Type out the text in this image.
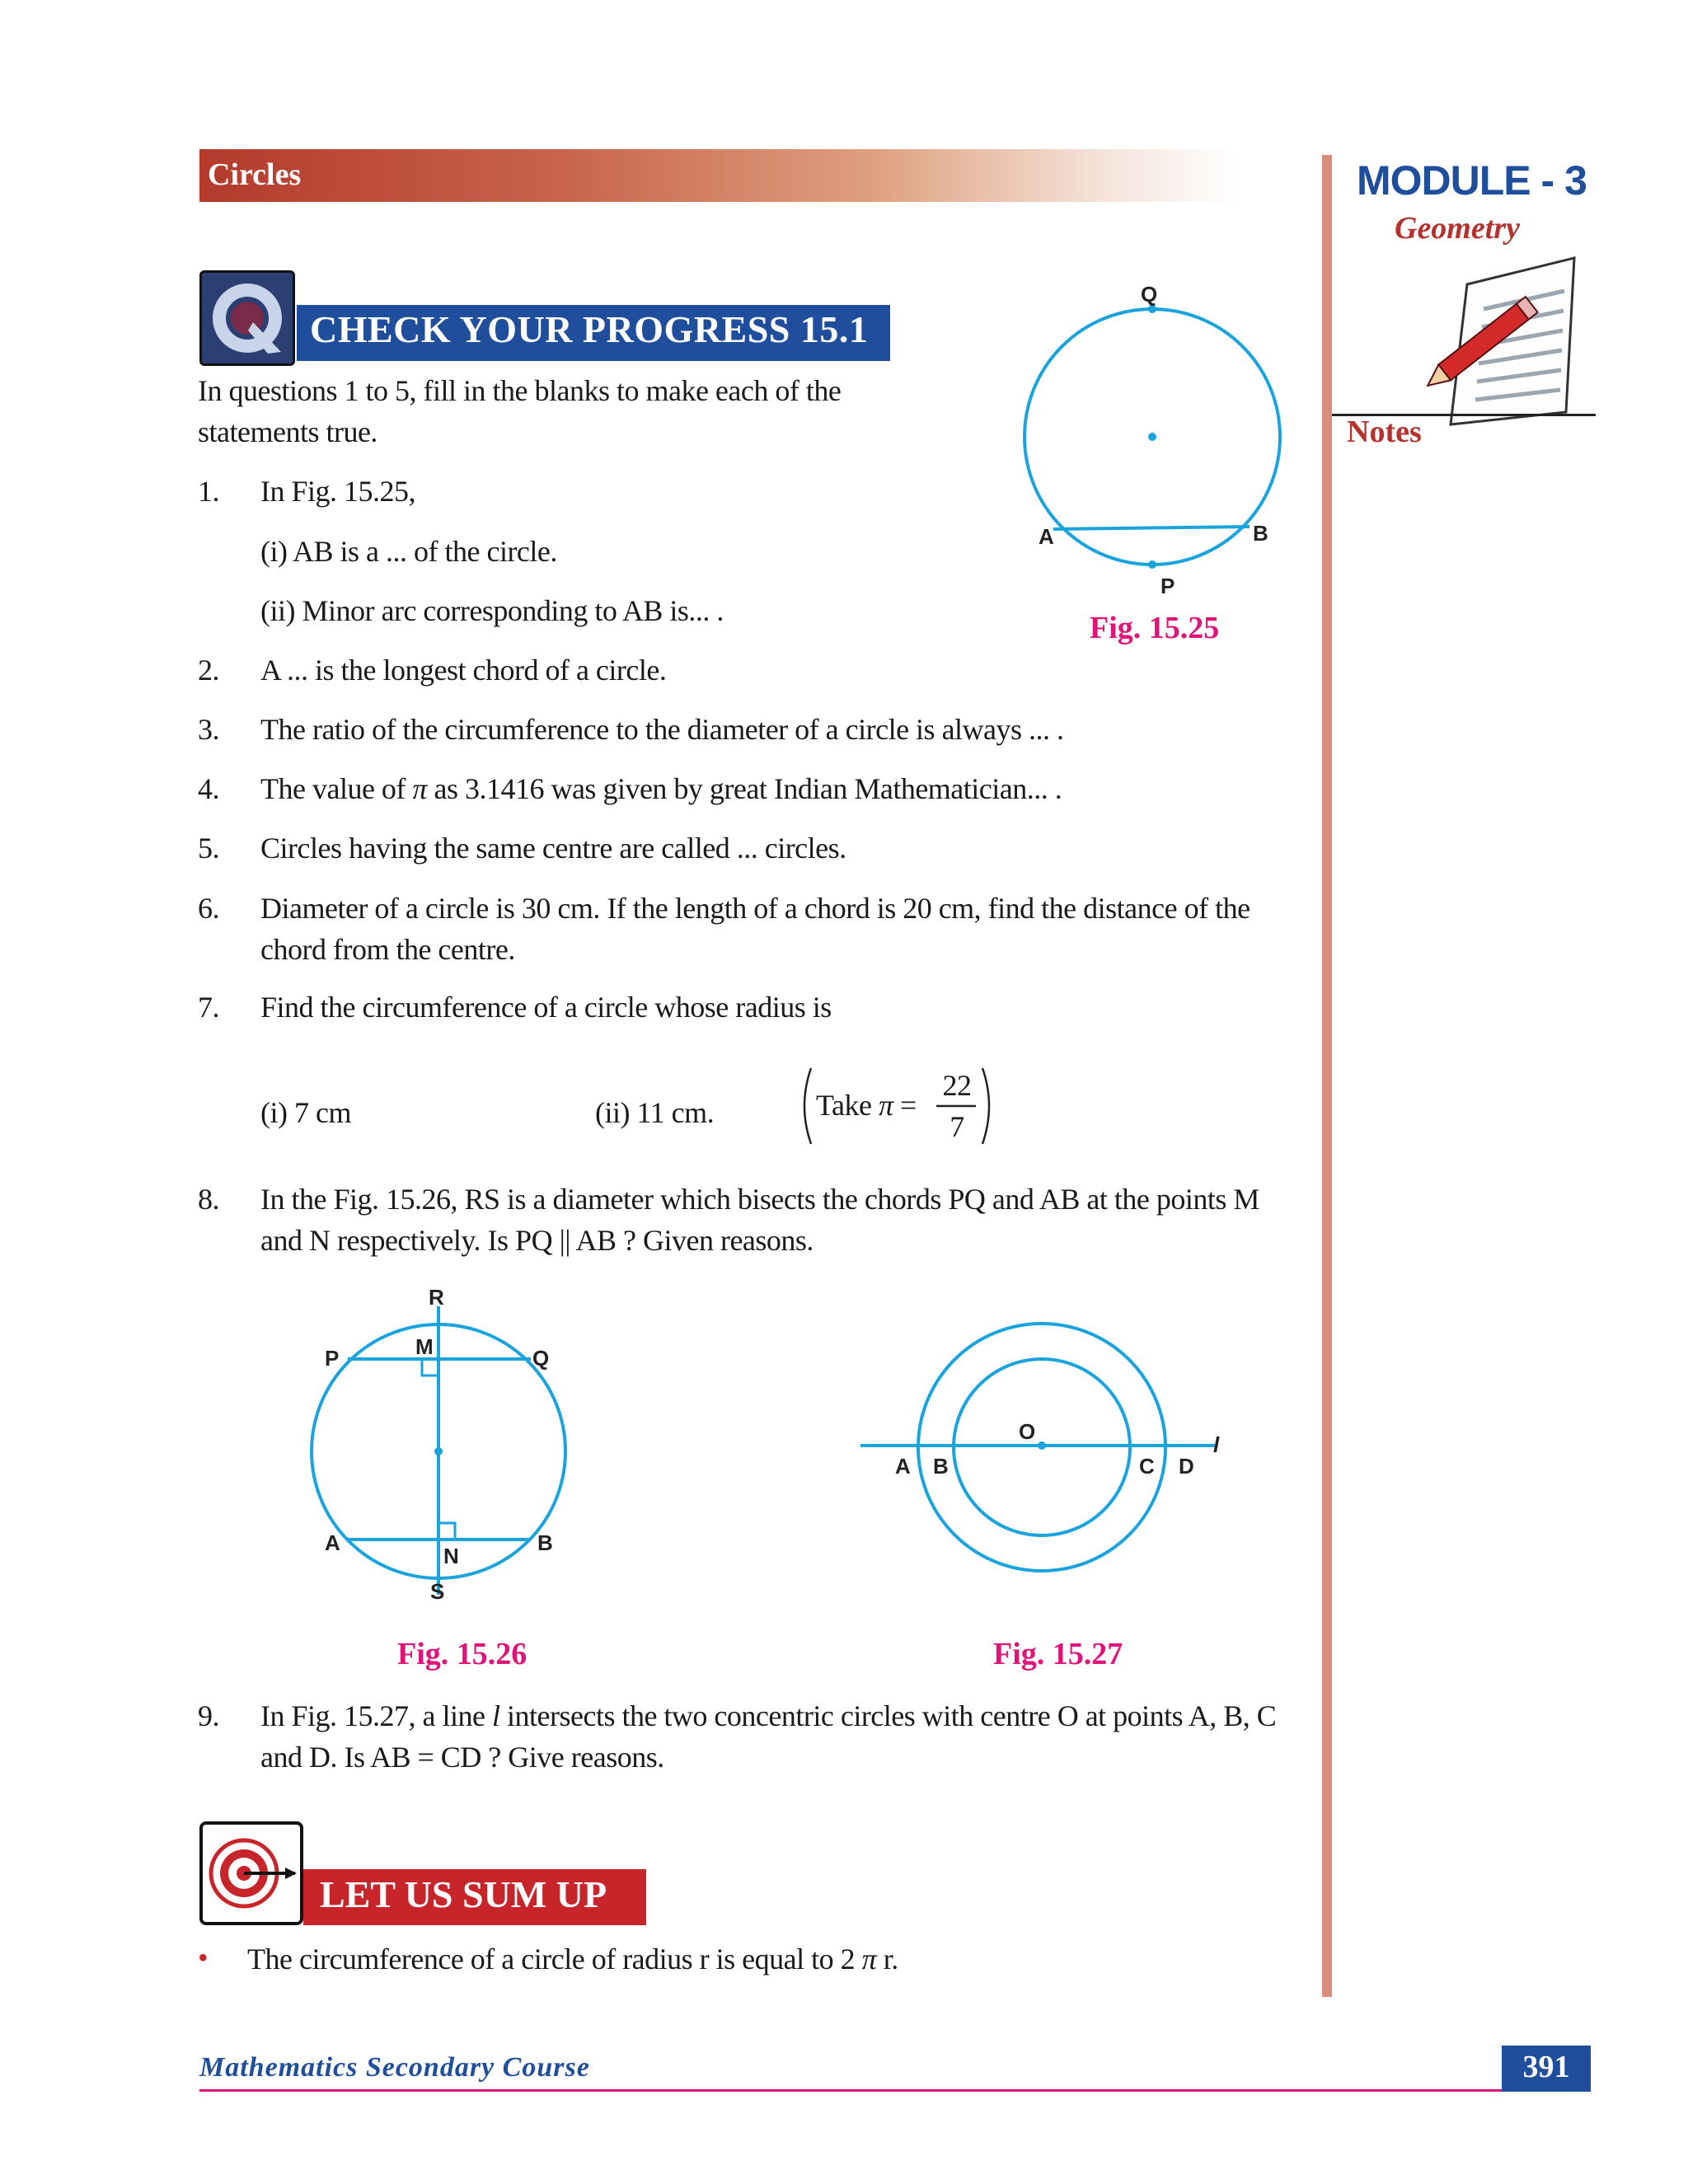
Circles	MODULE - 3
Geometry
Notes
CHECK YOUR PROGRESS 15.1
In questions 1 to 5, fill in the blanks to make each of the statements true.
1. In Fig. 15.25,
(i) AB is a ... of the circle.
(ii) Minor arc corresponding to AB is... .
Q
A	B
P
Fig. 15.25
2. A ... is the longest chord of a circle.
3. The ratio of the circumference to the diameter of a circle is always ... .
4. The value of π as 3.1416 was given by great Indian Mathematician... .
5. Circles having the same centre are called ... circles.
6. Diameter of a circle is 30 cm. If the length of a chord is 20 cm, find the distance of the chord from the centre.
7. Find the circumference of a circle whose radius is
(i) 7 cm	(ii) 11 cm.	Take π =
22
7
8. In the Fig. 15.26, RS is a diameter which bisects the chords PQ and AB at the points M and N respectively. Is PQ || AB ? Given reasons.
R
P	M	Q
A
N
B
S
Fig. 15.26
O
A B	C D
l
Fig. 15.27
9. In Fig. 15.27, a line l intersects the two concentric circles with centre O at points A, B, C and D. Is AB = CD ? Give reasons.
LET US SUM UP
• The circumference of a circle of radius r is equal to 2 π r.
Mathematics Secondary Course	391
